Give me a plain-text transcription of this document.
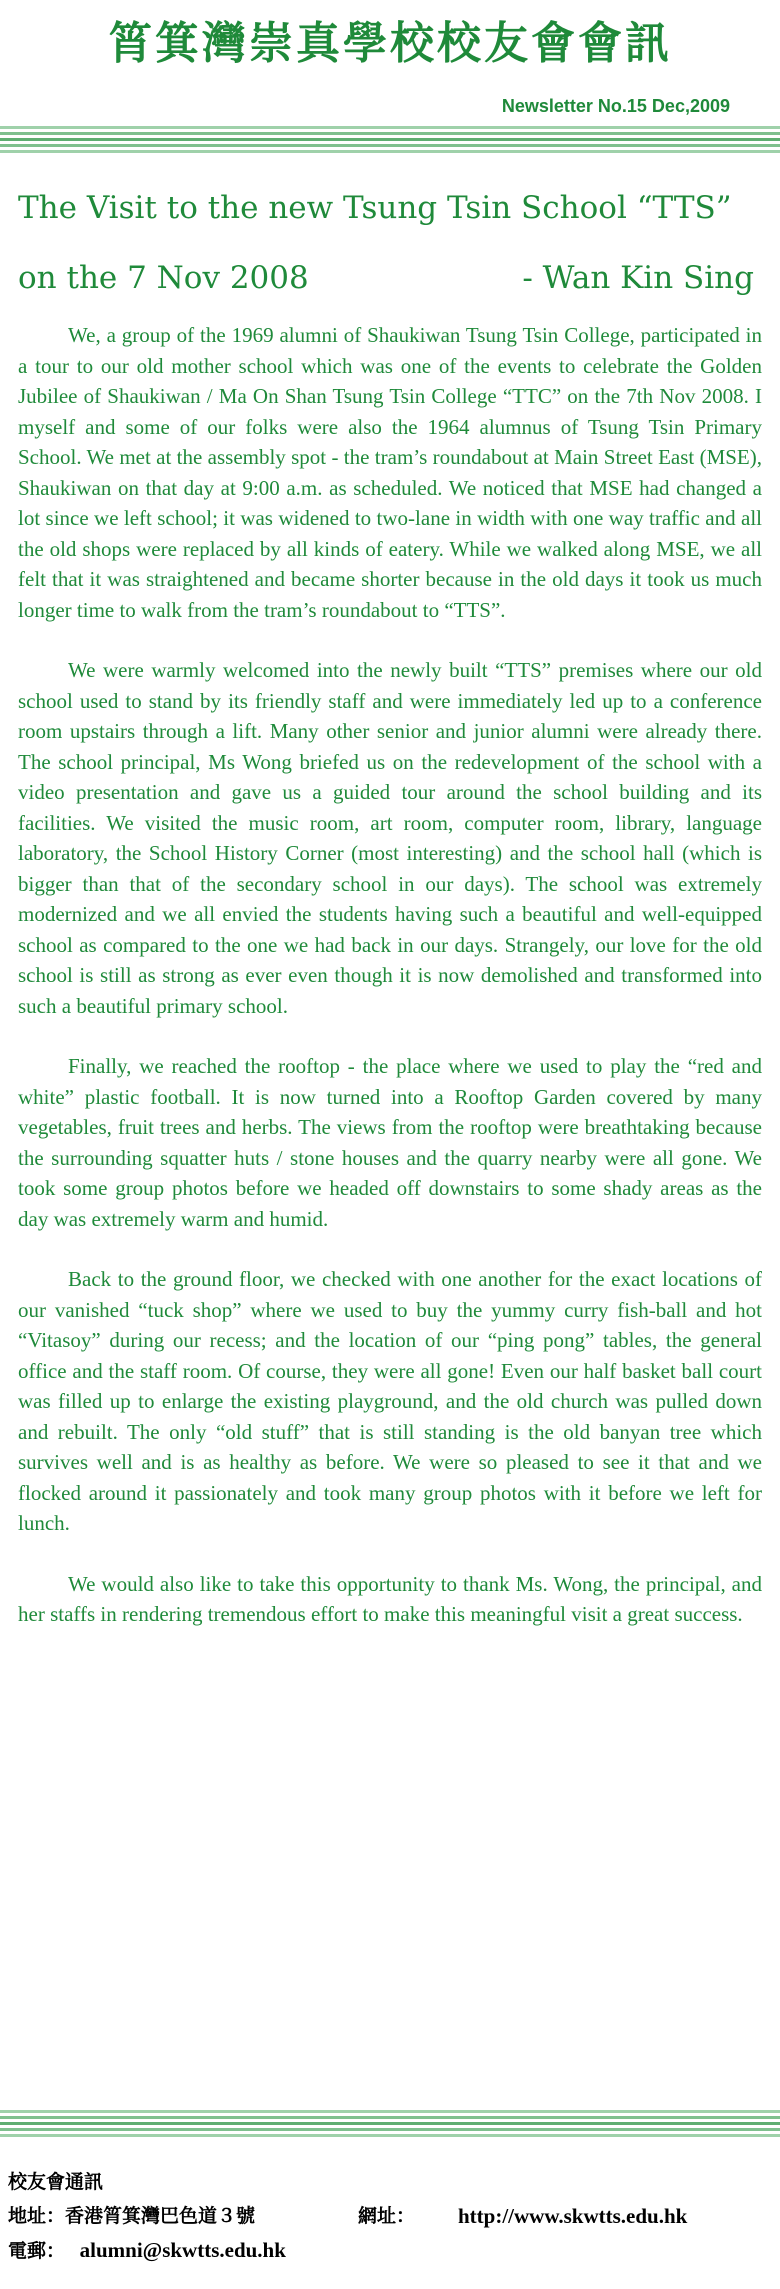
筲箕灣崇真學校校友會會訊
Newsletter No.15 Dec,2009
The Visit to the new Tsung Tsin School “TTS”
on the 7 Nov 2008	- Wan Kin Sing

We, a group of the 1969 alumni of Shaukiwan Tsung Tsin College, participated in a tour to our old mother school which was one of the events to celebrate the Golden Jubilee of Shaukiwan / Ma On Shan Tsung Tsin College “TTC” on the 7th Nov 2008. I myself and some of our folks were also the 1964 alumnus of Tsung Tsin Primary School. We met at the assembly spot - the tram’s roundabout at Main Street East (MSE), Shaukiwan on that day at 9:00 a.m. as scheduled. We noticed that MSE had changed a lot since we left school; it was widened to two-lane in width with one way traffic and all the old shops were replaced by all kinds of eatery. While we walked along MSE, we all felt that it was straightened and became shorter because in the old days it took us much longer time to walk from the tram’s roundabout to “TTS”.

We were warmly welcomed into the newly built “TTS” premises where our old school used to stand by its friendly staff and were immediately led up to a conference room upstairs through a lift. Many other senior and junior alumni were already there. The school principal, Ms Wong briefed us on the redevelopment of the school with a video presentation and gave us a guided tour around the school building and its facilities. We visited the music room, art room, computer room, library, language laboratory, the School History Corner (most interesting) and the school hall (which is bigger than that of the secondary school in our days). The school was extremely modernized and we all envied the students having such a beautiful and well-equipped school as compared to the one we had back in our days. Strangely, our love for the old school is still as strong as ever even though it is now demolished and transformed into such a beautiful primary school.

Finally, we reached the rooftop - the place where we used to play the “red and white” plastic football. It is now turned into a Rooftop Garden covered by many vegetables, fruit trees and herbs. The views from the rooftop were breathtaking because the surrounding squatter huts / stone houses and the quarry nearby were all gone. We took some group photos before we headed off downstairs to some shady areas as the day was extremely warm and humid.

Back to the ground floor, we checked with one another for the exact locations of our vanished “tuck shop” where we used to buy the yummy curry fish-ball and hot “Vitasoy” during our recess; and the location of our “ping pong” tables, the general office and the staff room. Of course, they were all gone! Even our half basket ball court was filled up to enlarge the existing playground, and the old church was pulled down and rebuilt. The only “old stuff” that is still standing is the old banyan tree which survives well and is as healthy as before. We were so pleased to see it that and we flocked around it passionately and took many group photos with it before we left for lunch.

We would also like to take this opportunity to thank Ms. Wong, the principal, and her staffs in rendering tremendous effort to make this meaningful visit a great success.

校友會通訊
地址：香港筲箕灣巴色道３號	網址： http://www.skwtts.edu.hk
電郵： alumni@skwtts.edu.hk
